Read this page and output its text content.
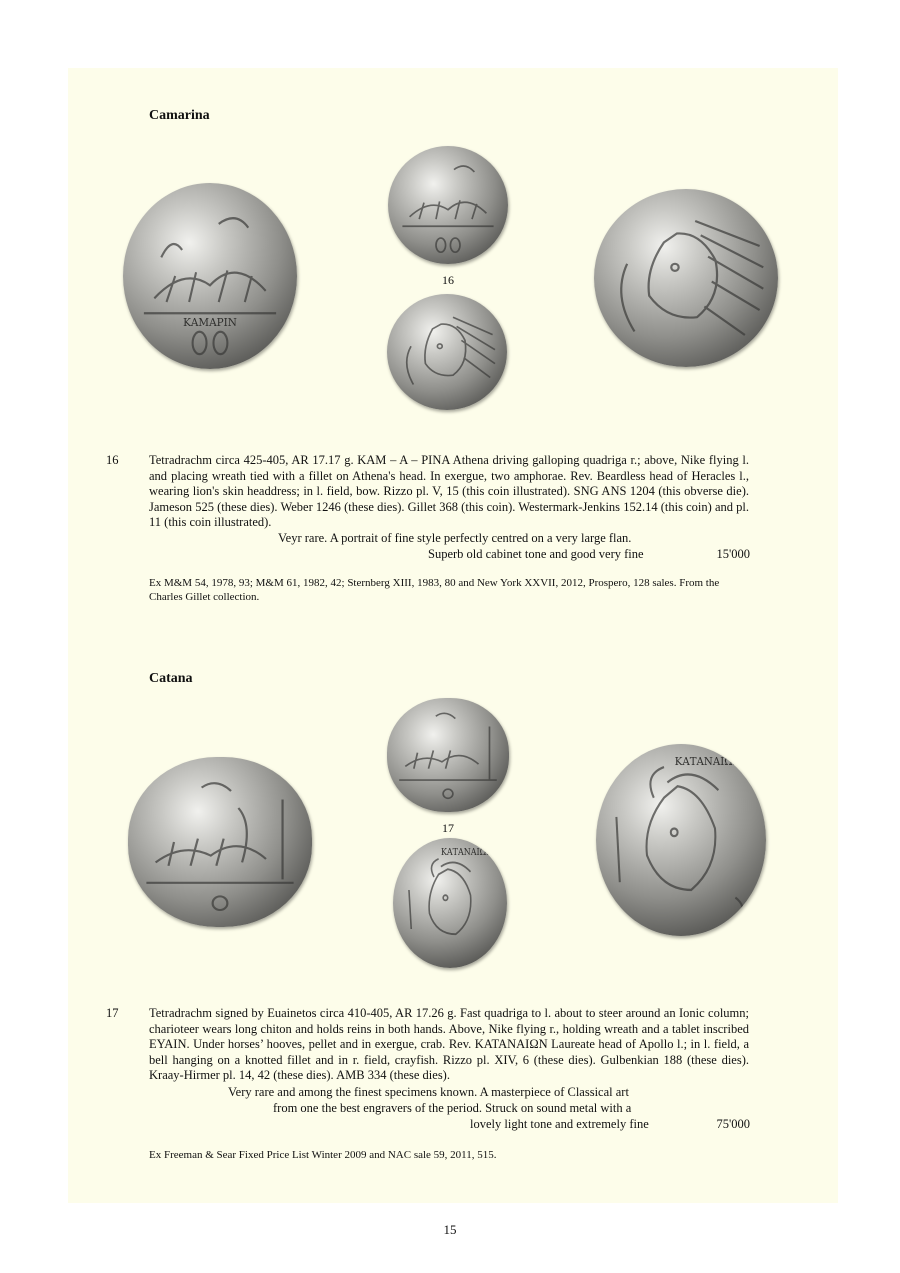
Camarina
ΚΑΜΑΡΙΝ
16
16 Tetradrachm circa 425-405, AR 17.17 g. KAM – A – PINA Athena driving galloping quadriga r.; above, Nike flying l. and placing wreath tied with a fillet on Athena's head. In exergue, two amphorae. Rev. Beardless head of Heracles l., wearing lion's skin headdress; in l. field, bow. Rizzo pl. V, 15 (this coin illustrated). SNG ANS 1204 (this obverse die). Jameson 525 (these dies). Weber 1246 (these dies). Gillet 368 (this coin). Westermark-Jenkins 152.14 (this coin) and pl. 11 (this coin illustrated).

Veyr rare. A portrait of fine style perfectly centred on a very large flan.
Superb old cabinet tone and good very fine	15'000
Ex M&M 54, 1978, 93; M&M 61, 1982, 42; Sternberg XIII, 1983, 80 and New York XXVII, 2012, Prospero, 128 sales. From the Charles Gillet collection.
Catana
17
ΚΑΤΑΝΑΙΩΝ
ΚΑΤΑΝΑΙΩΝ
17 Tetradrachm signed by Euainetos circa 410-405, AR 17.26 g. Fast quadriga to l. about to steer around an Ionic column; charioteer wears long chiton and holds reins in both hands. Above, Nike flying r., holding wreath and a tablet inscribed EYAIN. Under horses’ hooves, pellet and in exergue, crab. Rev. ΚΑΤΑΝΑΙΩΝ Laureate head of Apollo l.; in l. field, a bell hanging on a knotted fillet and in r. field, crayfish. Rizzo pl. XIV, 6 (these dies). Gulbenkian 188 (these dies). Kraay-Hirmer pl. 14, 42 (these dies). AMB 334 (these dies).

Very rare and among the finest specimens known. A masterpiece of Classical art
from one the best engravers of the period. Struck on sound metal with a
lovely light tone and extremely fine	75'000
Ex Freeman & Sear Fixed Price List Winter 2009 and NAC sale 59, 2011, 515.
15
